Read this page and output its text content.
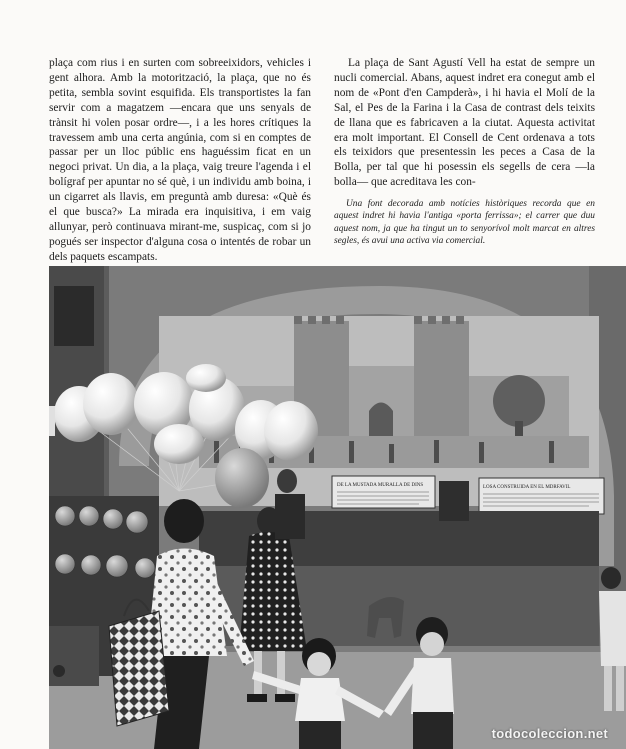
plaça com rius i en surten com sobreeixidors, vehicles i gent alhora. Amb la motorització, la plaça, que no és petita, sembla sovint esquifida. Els transportistes la fan servir com a magatzem —encara que uns senyals de trànsit hi volen posar ordre—, i a les hores crítiques la travessem amb una certa angúnia, com si en comptes de passar per un lloc públic ens haguéssim ficat en un negoci privat. Un dia, a la plaça, vaig treure l'agenda i el bolígraf per apuntar no sé què, i un individu amb boina, i un cigarret als llavis, em preguntà amb duresa: «Què és el que busca?» La mirada era inquisitiva, i em vaig allunyar, però continuava mirant-me, suspicaç, com si jo pogués ser inspector d'alguna cosa o intentés de robar un dels paquets escampats.

La plaça de Sant Agustí Vell ha estat de sempre un nucli comercial. Abans, aquest indret era conegut amb el nom de «Pont d'en Campderà», i hi havia el Molí de la Sal, el Pes de la Farina i la Casa de contrast dels teixits de llana que es fabricaven a la ciutat. Aquesta activitat era molt important. El Consell de Cent ordenava a tots els teixidors que presentessin les peces a Casa de la Bolla, per tal que hi posessin els segells de cera —la bolla— que acreditava les con-

Una font decorada amb notícies històriques recorda que en aquest indret hi havia l'antiga «porta ferrissa»; el carrer que duu aquest nom, ja que ha tingut un to senyorívol molt marcat en altres segles, és avui una activa via comercial.
DE LA MUSTADA MURALLA DE DINS	LOSA CONSTRUIDA EN EL MDRFAVIL
todocoleccion.net
